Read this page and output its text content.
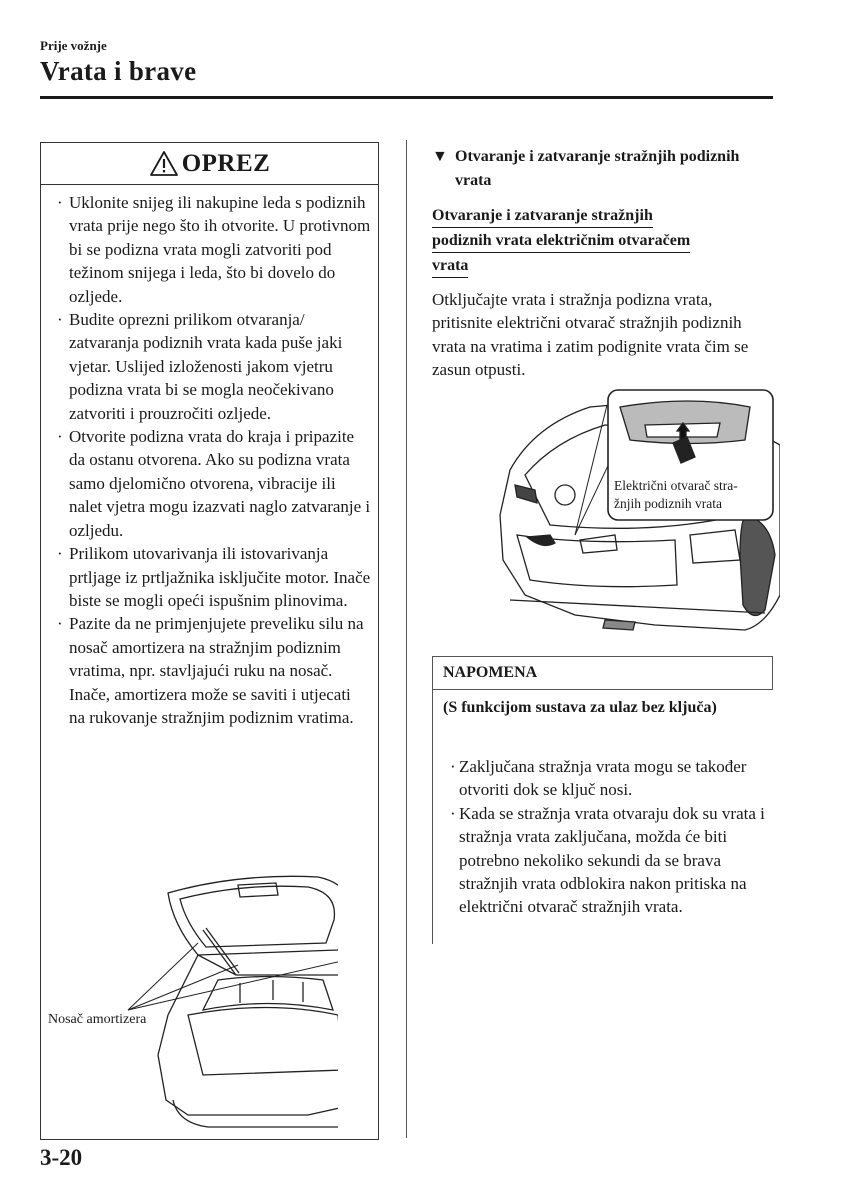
Prije vožnje
Vrata i brave
OPREZ
· Uklonite snijeg ili nakupine leda s podiznih vrata prije nego što ih otvorite. U protivnom bi se podizna vrata mogli zatvoriti pod težinom snijega i leda, što bi dovelo do ozljede.
· Budite oprezni prilikom otvaranja/ zatvaranja podiznih vrata kada puše jaki vjetar. Uslijed izloženosti jakom vjetru podizna vrata bi se mogla neočekivano zatvoriti i prouzročiti ozljede.
· Otvorite podizna vrata do kraja i pripazite da ostanu otvorena. Ako su podizna vrata samo djelomično otvorena, vibracije ili nalet vjetra mogu izazvati naglo zatvaranje i ozljedu.
· Prilikom utovarivanja ili istovarivanja prtljage iz prtljažnika isključite motor. Inače biste se mogli opeći ispušnim plinovima.
· Pazite da ne primjenjujete preveliku silu na nosač amortizera na stražnjim podiznim vratima, npr. stavljajući ruku na nosač. Inače, amortizera može se saviti i utjecati na rukovanje stražnjim podiznim vratima.
Nosač amortizera
▼ Otvaranje i zatvaranje stražnjih podiznih vrata
Otvaranje i zatvaranje stražnjih
podiznih vrata električnim otvaračem
vrata
Otključajte vrata i stražnja podizna vrata, pritisnite električni otvarač stražnjih podiznih vrata na vratima i zatim podignite vrata čim se zasun otpusti.
Električni otvarač stra-
žnjih podiznih vrata
NAPOMENA
(S funkcijom sustava za ulaz bez ključa)
· Zaključana stražnja vrata mogu se također otvoriti dok se ključ nosi.
· Kada se stražnja vrata otvaraju dok su vrata i stražnja vrata zaključana, možda će biti potrebno nekoliko sekundi da se brava stražnjih vrata odblokira nakon pritiska na električni otvarač stražnjih vrata.
3-20
